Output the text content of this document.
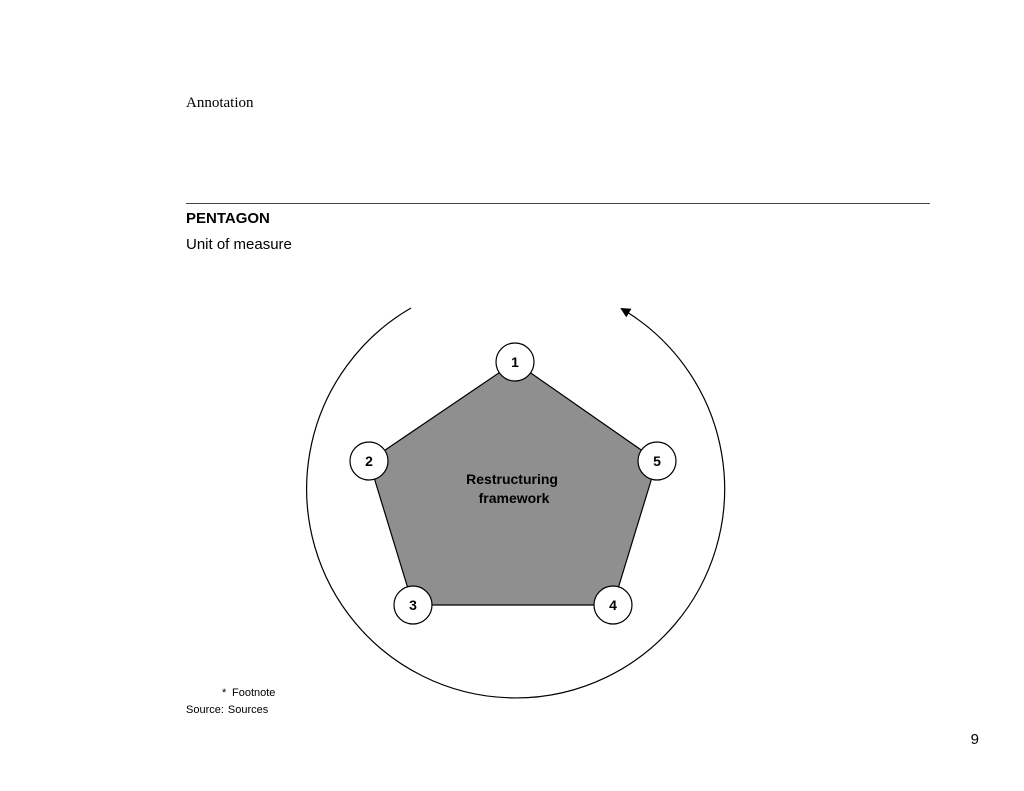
Annotation
PENTAGON
Unit of measure
Restructuring framework
1
2
3	4
5
* Footnote
Source: Sources
9
